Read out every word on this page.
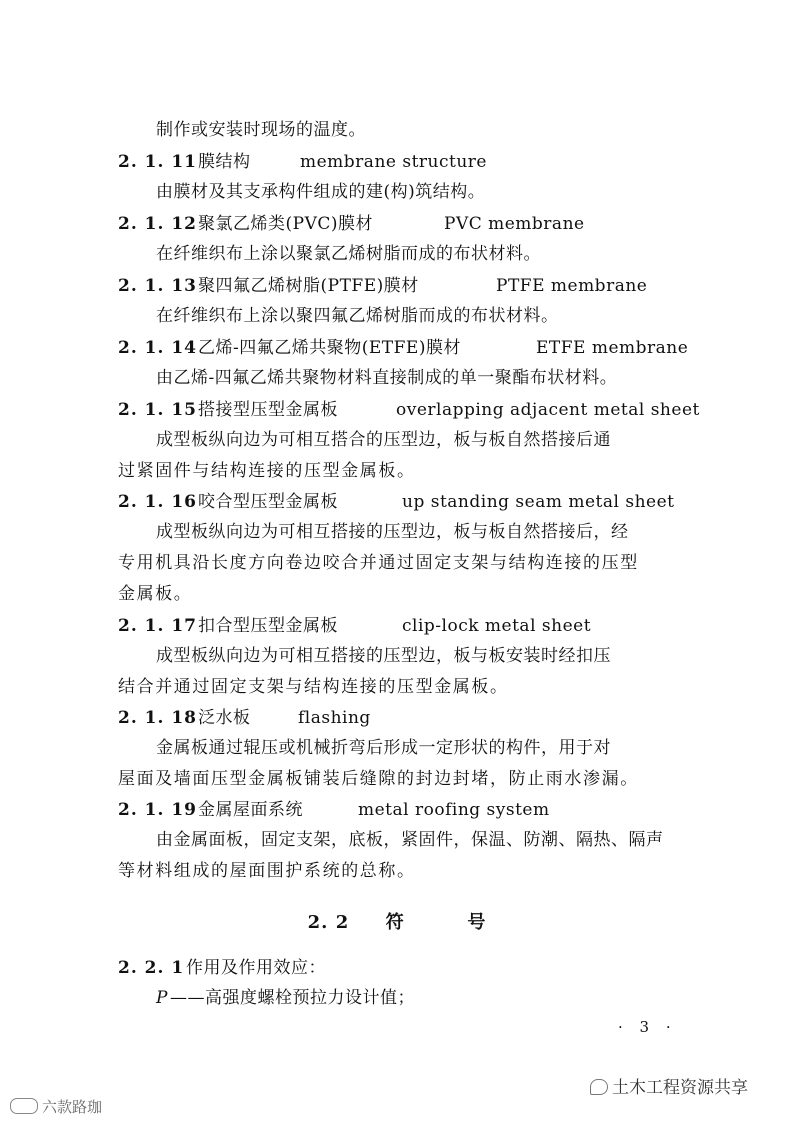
制作或安装时现场的温度。
2. 1. 11 膜结构	membrane structure
由膜材及其支承构件组成的建(构)筑结构。
2. 1. 12 聚氯乙烯类(PVC)膜材	PVC membrane
在纤维织布上涂以聚氯乙烯树脂而成的布状材料。
2. 1. 13 聚四氟乙烯树脂(PTFE)膜材	PTFE membrane
在纤维织布上涂以聚四氟乙烯树脂而成的布状材料。
2. 1. 14 乙烯-四氟乙烯共聚物(ETFE)膜材	ETFE membrane
由乙烯-四氟乙烯共聚物材料直接制成的单一聚酯布状材料。
2. 1. 15 搭接型压型金属板	overlapping adjacent metal sheet
成型板纵向边为可相互搭合的压型边，板与板自然搭接后通
过紧固件与结构连接的压型金属板。
2. 1. 16 咬合型压型金属板	up standing seam metal sheet
成型板纵向边为可相互搭接的压型边，板与板自然搭接后，经
专用机具沿长度方向卷边咬合并通过固定支架与结构连接的压型
金属板。
2. 1. 17 扣合型压型金属板	clip-lock metal sheet
成型板纵向边为可相互搭接的压型边，板与板安装时经扣压
结合并通过固定支架与结构连接的压型金属板。
2. 1. 18 泛水板	flashing
金属板通过辊压或机械折弯后形成一定形状的构件，用于对
屋面及墙面压型金属板铺装后缝隙的封边封堵，防止雨水渗漏。
2. 1. 19 金属屋面系统	metal roofing system
由金属面板，固定支架，底板，紧固件，保温、防潮、隔热、隔声
等材料组成的屋面围护系统的总称。
2. 2 符	号
2. 2. 1 作用及作用效应：
P ——高强度螺栓预拉力设计值；
· 3 ·
六款路珈
土木工程资源共享
